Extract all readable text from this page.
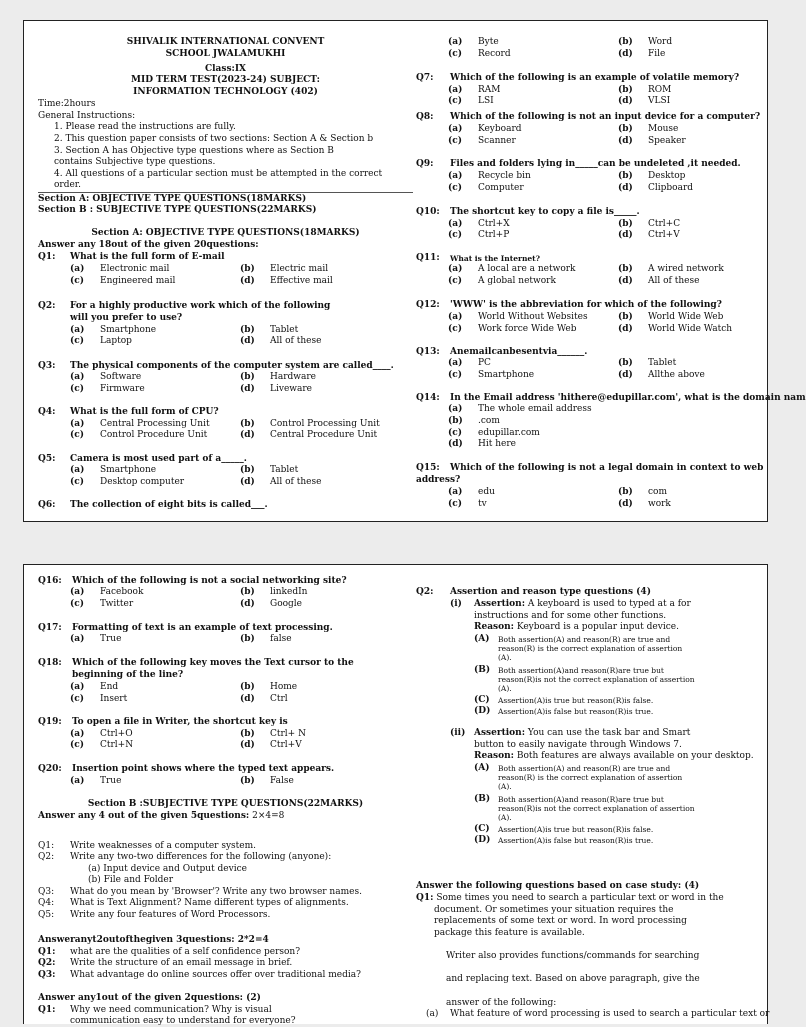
SHIVALIK INTERNATIONAL CONVENT
SCHOOL JWALAMUKHI
Class:IX
MID TERM TEST(2023-24) SUBJECT:
INFORMATION TECHNOLOGY (402)
Time:2hours
General Instructions:
1. Please read the instructions are fully.
2. This question paper consists of two sections: Section A & Section b
3. Section A has Objective type questions where as Section B
contains Subjective type questions.
4. All questions of a particular section must be attempted in the correct
order.
Section A: OBJECTIVE TYPE QUESTIONS(18MARKS)
Section B : SUBJECTIVE TYPE QUESTIONS(22MARKS)
Section A: OBJECTIVE TYPE QUESTIONS(18MARKS)
Answer any 18out of the given 20questions:
Q1: What is the full form of E-mail
(a) Electronic mail	(b) Electric mail
(c) Engineered mail	(d) Effective mail
Q2: For a highly productive work which of the following
will you prefer to use?
(a) Smartphone	(b) Tablet
(c) Laptop	(d) All of these
Q3: The physical components of the computer system are called____.
(a) Software	(b) Hardware
(c) Firmware	(d) Liveware
Q4: What is the full form of CPU?
(a) Central Processing Unit	(b) Control Processing Unit
(c) Control Procedure Unit	(d) Central Procedure Unit
Q5: Camera is most used part of a_____.
(a) Smartphone	(b) Tablet
(c) Desktop computer	(d) All of these
Q6: The collection of eight bits is called___.
(a) Byte	(b) Word
(c) Record	(d) File
Q7: Which of the following is an example of volatile memory?
(a) RAM	(b) ROM
(c) LSI	(d) VLSI
Q8: Which of the following is not an input device for a computer?
(a) Keyboard	(b) Mouse
(c) Scanner	(d) Speaker
Q9: Files and folders lying in_____can be undeleted ,it needed.
(a) Recycle bin	(b) Desktop
(c) Computer	(d) Clipboard
Q10: The shortcut key to copy a file is_____.
(a) Ctrl+X	(b) Ctrl+C
(c) Ctrl+P	(d) Ctrl+V
Q11: What is the Internet?
(a) A local are a network	(b) A wired network
(c) A global network	(d) All of these
Q12: 'WWW' is the abbreviation for which of the following?
(a) World Without Websites	(b) World Wide Web
(c) Work force Wide Web	(d) World Wide Watch
Q13: Anemailcanbesentvia______.
(a) PC	(b) Tablet
(c) Smartphone	(d) Allthe above
Q14: In the Email address 'hithere@edupillar.com', what is the domain nam
(a) The whole email address
(b) .com
(c) edupillar.com
(d) Hit here
Q15: Which of the following is not a legal domain in context to web
address?
(a) edu	(b) com
(c) tv	(d) work
Q16: Which of the following is not a social networking site?
(a) Facebook	(b) linkedIn
(c) Twitter	(d) Google
Q17: Formatting of text is an example of text processing.
(a) True	(b) false
Q18: Which of the following key moves the Text cursor to the
beginning of the line?
(a) End	(b) Home
(c) Insert	(d) Ctrl
Q19: To open a file in Writer, the shortcut key is
(a) Ctrl+O	(b) Ctrl+ N
(c) Ctrl+N	(d) Ctrl+V
Q20: Insertion point shows where the typed text appears.
(a) True	(b) False
Section B :SUBJECTIVE TYPE QUESTIONS(22MARKS)
Answer any 4 out of the given 5questions: 2×4=8
Q1: Write weaknesses of a computer system.
Q2: Write any two-two differences for the following (anyone):
(a) Input device and Output device
(b) File and Folder
Q3: What do you mean by 'Browser'? Write any two browser names.
Q4: What is Text Alignment? Name different types of alignments.
Q5: Write any four features of Word Processors.
Answeranyt2outofthegiven 3questions: 2*2=4
Q1: what are the qualities of a self confidence person?
Q2: Write the structure of an email message in brief.
Q3: What advantage do online sources offer over traditional media?
Answer any1out of the given 2questions: (2)
Q1: Why we need communication? Why is visual
communication easy to understand for everyone?
Q2: Assertion and reason type questions (4)
(i) Assertion: A keyboard is used to typed at a for
instructions and for some other functions.
Reason: Keyboard is a popular input device.
(A) Both assertion(A) and reason(R) are true and
reason(R) is the correct explanation of assertion
(A).
(B) Both assertion(A)and reason(R)are true but
reason(R)is not the correct explanation of assertion
(A).
(C) Assertion(A)is true but reason(R)is false.
(D) Assertion(A)is false but reason(R)is true.
(ii) Assertion: You can use the task bar and Smart
button to easily navigate through Windows 7.
Reason: Both features are always available on your desktop.
(A) Both assertion(A) and reason(R) are true and
reason(R) is the correct explanation of assertion
(A).
(B) Both assertion(A)and reason(R)are true but
reason(R)is not the correct explanation of assertion
(A).
(C) Assertion(A)is true but reason(R)is false.
(D) Assertion(A)is false but reason(R)is true.
Answer the following questions based on case study: (4)
Q1: Some times you need to search a particular text or word in the
document. Or sometimes your situation requires the
replacements of some text or word. In word processing
package this feature is available.
Writer also provides functions/commands for searching
and replacing text. Based on above paragraph, give the
answer of the following:
(a) What feature of word processing is used to search a particular text or
